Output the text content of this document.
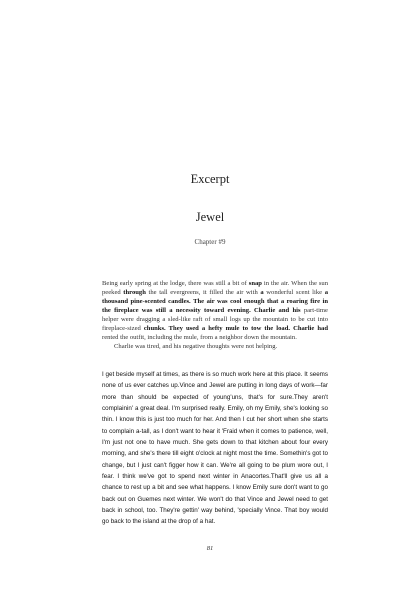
Excerpt
Jewel
Chapter #9

Being early spring at the lodge, there was still a bit of snap in the air. When the sun peeked through the tall evergreens, it filled the air with a wonderful scent like a thousand pine-scented candles. The air was cool enough that a roaring fire in the fireplace was still a necessity toward evening. Charlie and his part-time helper were dragging a sled-like raft of small logs up the mountain to be cut into fireplace-sized chunks. They used a hefty mule to tow the load. Charlie had rented the outfit, including the mule, from a neighbor down the mountain.

Charlie was tired, and his negative thoughts were not helping.

I get beside myself at times, as there is so much work here at this place. It seems none of us ever catches up.Vince and Jewel are putting in long days of work—far more than should be expected of young'uns, that's for sure.They aren't complainin' a great deal. I'm surprised really. Emily, oh my Emily, she's looking so thin. I know this is just too much for her. And then I cut her short when she starts to complain a-tall, as I don't want to hear it 'Fraid when it comes to patience, well, I'm just not one to have much. She gets down to that kitchen about four every morning, and she's there till eight o'clock at night most the time. Somethin's got to change, but I just can't figger how it can. We're all going to be plum wore out, I fear. I think we've got to spend next winter in Anacortes.That'll give us all a chance to rest up a bit and see what happens. I know Emily sure don't want to go back out on Guemes next winter. We won't do that Vince and Jewel need to get back in school, too. They're gettin' way behind, 'specially Vince. That boy would go back to the island at the drop of a hat.

81
